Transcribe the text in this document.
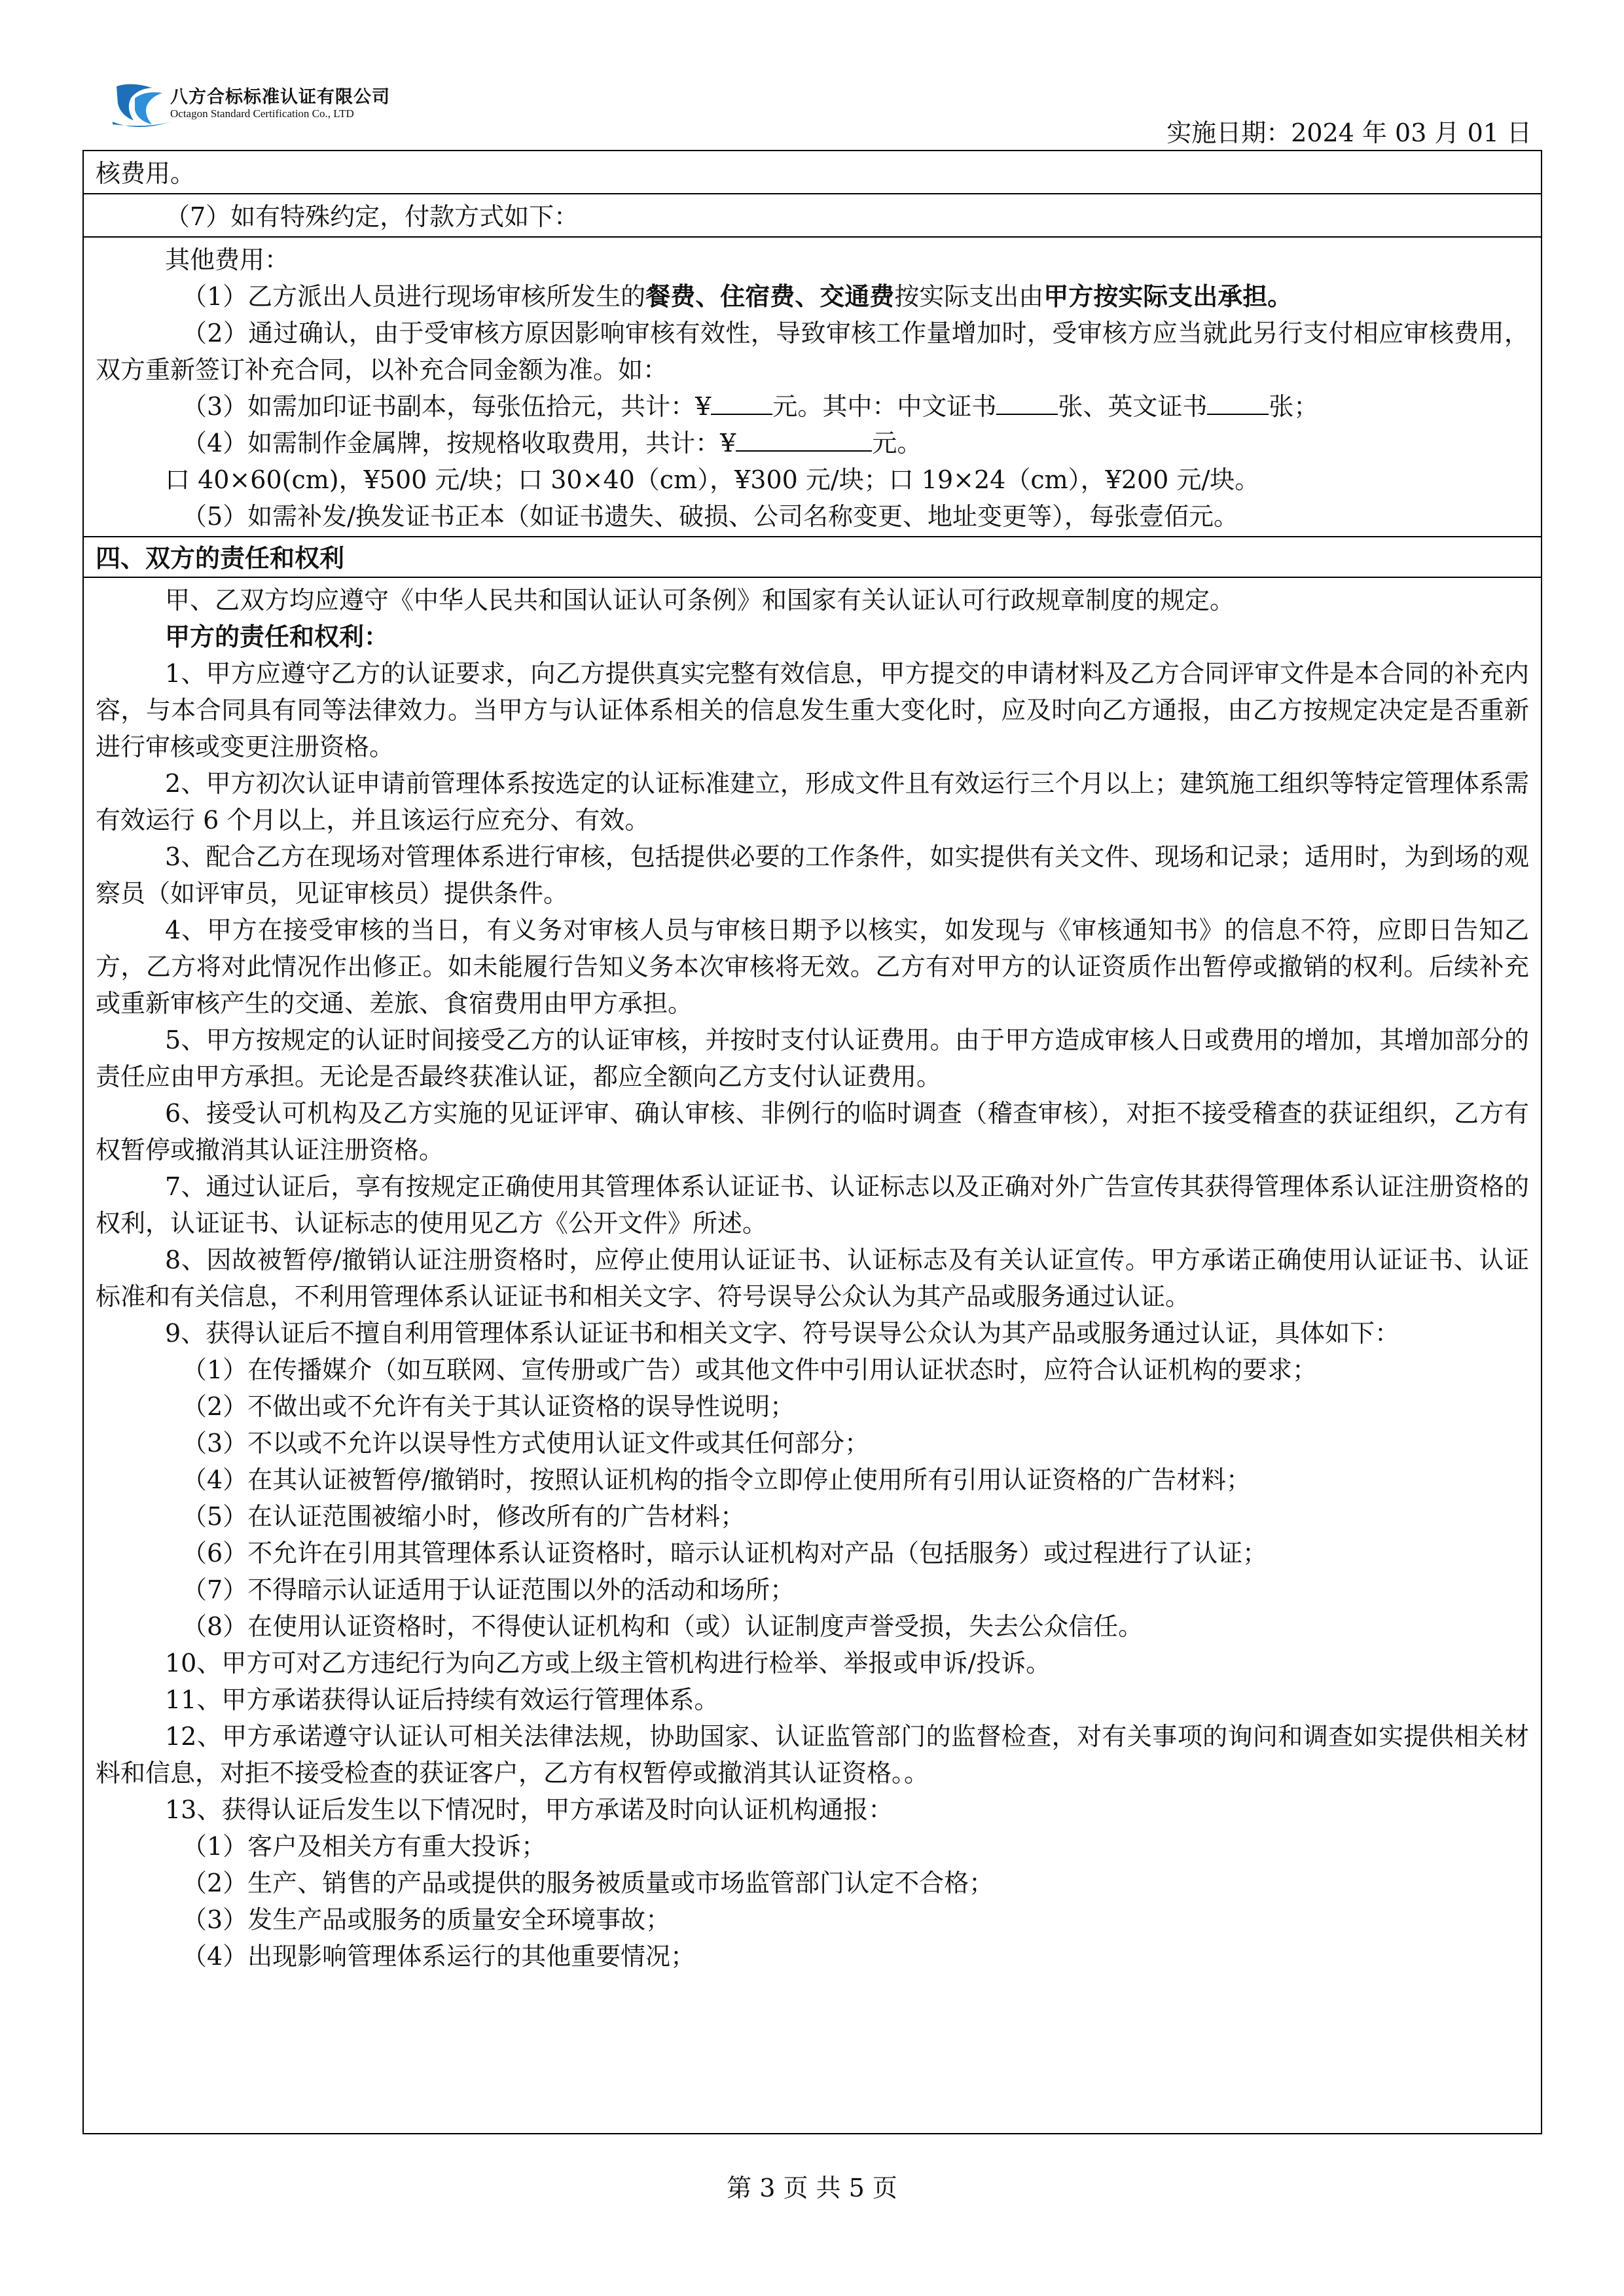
八方合标标准认证有限公司
Octagon Standard Certification Co., LTD
实施日期：2024 年 03 月 01 日

核费用。

（7）如有特殊约定，付款方式如下：

其他费用：

（1）乙方派出人员进行现场审核所发生的餐费、住宿费、交通费按实际支出由甲方按实际支出承担。

（2）通过确认，由于受审核方原因影响审核有效性，导致审核工作量增加时，受审核方应当就此另行支付相应审核费用，双方重新签订补充合同，以补充合同金额为准。如：

（3）如需加印证书副本，每张伍拾元，共计：¥ 元。其中：中文证书 张、英文证书 张；

（4）如需制作金属牌，按规格收取费用，共计：¥	元。

口 40×60(cm)，¥500 元/块；口 30×40（cm），¥300 元/块；口 19×24（cm），¥200 元/块。

（5）如需补发/换发证书正本（如证书遗失、破损、公司名称变更、地址变更等），每张壹佰元。

四、双方的责任和权利

甲、乙双方均应遵守《中华人民共和国认证认可条例》和国家有关认证认可行政规章制度的规定。

甲方的责任和权利：

1、甲方应遵守乙方的认证要求，向乙方提供真实完整有效信息，甲方提交的申请材料及乙方合同评审文件是本合同的补充内容，与本合同具有同等法律效力。当甲方与认证体系相关的信息发生重大变化时，应及时向乙方通报，由乙方按规定决定是否重新进行审核或变更注册资格。

2、甲方初次认证申请前管理体系按选定的认证标准建立，形成文件且有效运行三个月以上；建筑施工组织等特定管理体系需有效运行 6 个月以上，并且该运行应充分、有效。

3、配合乙方在现场对管理体系进行审核，包括提供必要的工作条件，如实提供有关文件、现场和记录；适用时，为到场的观察员（如评审员，见证审核员）提供条件。

4、甲方在接受审核的当日，有义务对审核人员与审核日期予以核实，如发现与《审核通知书》的信息不符，应即日告知乙方，乙方将对此情况作出修正。如未能履行告知义务本次审核将无效。乙方有对甲方的认证资质作出暂停或撤销的权利。后续补充或重新审核产生的交通、差旅、食宿费用由甲方承担。

5、甲方按规定的认证时间接受乙方的认证审核，并按时支付认证费用。由于甲方造成审核人日或费用的增加，其增加部分的责任应由甲方承担。无论是否最终获准认证，都应全额向乙方支付认证费用。

6、接受认可机构及乙方实施的见证评审、确认审核、非例行的临时调查（稽查审核），对拒不接受稽查的获证组织，乙方有权暂停或撤消其认证注册资格。

7、通过认证后，享有按规定正确使用其管理体系认证证书、认证标志以及正确对外广告宣传其获得管理体系认证注册资格的权利，认证证书、认证标志的使用见乙方《公开文件》所述。

8、因故被暂停/撤销认证注册资格时，应停止使用认证证书、认证标志及有关认证宣传。甲方承诺正确使用认证证书、认证标准和有关信息，不利用管理体系认证证书和相关文字、符号误导公众认为其产品或服务通过认证。

9、获得认证后不擅自利用管理体系认证证书和相关文字、符号误导公众认为其产品或服务通过认证，具体如下：

（1）在传播媒介（如互联网、宣传册或广告）或其他文件中引用认证状态时，应符合认证机构的要求；

（2）不做出或不允许有关于其认证资格的误导性说明；

（3）不以或不允许以误导性方式使用认证文件或其任何部分；

（4）在其认证被暂停/撤销时，按照认证机构的指令立即停止使用所有引用认证资格的广告材料；

（5）在认证范围被缩小时，修改所有的广告材料；

（6）不允许在引用其管理体系认证资格时，暗示认证机构对产品（包括服务）或过程进行了认证；

（7）不得暗示认证适用于认证范围以外的活动和场所；

（8）在使用认证资格时，不得使认证机构和（或）认证制度声誉受损，失去公众信任。

10、甲方可对乙方违纪行为向乙方或上级主管机构进行检举、举报或申诉/投诉。

11、甲方承诺获得认证后持续有效运行管理体系。

12、甲方承诺遵守认证认可相关法律法规，协助国家、认证监管部门的监督检查，对有关事项的询问和调查如实提供相关材料和信息，对拒不接受检查的获证客户，乙方有权暂停或撤消其认证资格。。

13、获得认证后发生以下情况时，甲方承诺及时向认证机构通报：

（1）客户及相关方有重大投诉；

（2）生产、销售的产品或提供的服务被质量或市场监管部门认定不合格；

（3）发生产品或服务的质量安全环境事故；

（4）出现影响管理体系运行的其他重要情况；

第 3 页 共 5 页
